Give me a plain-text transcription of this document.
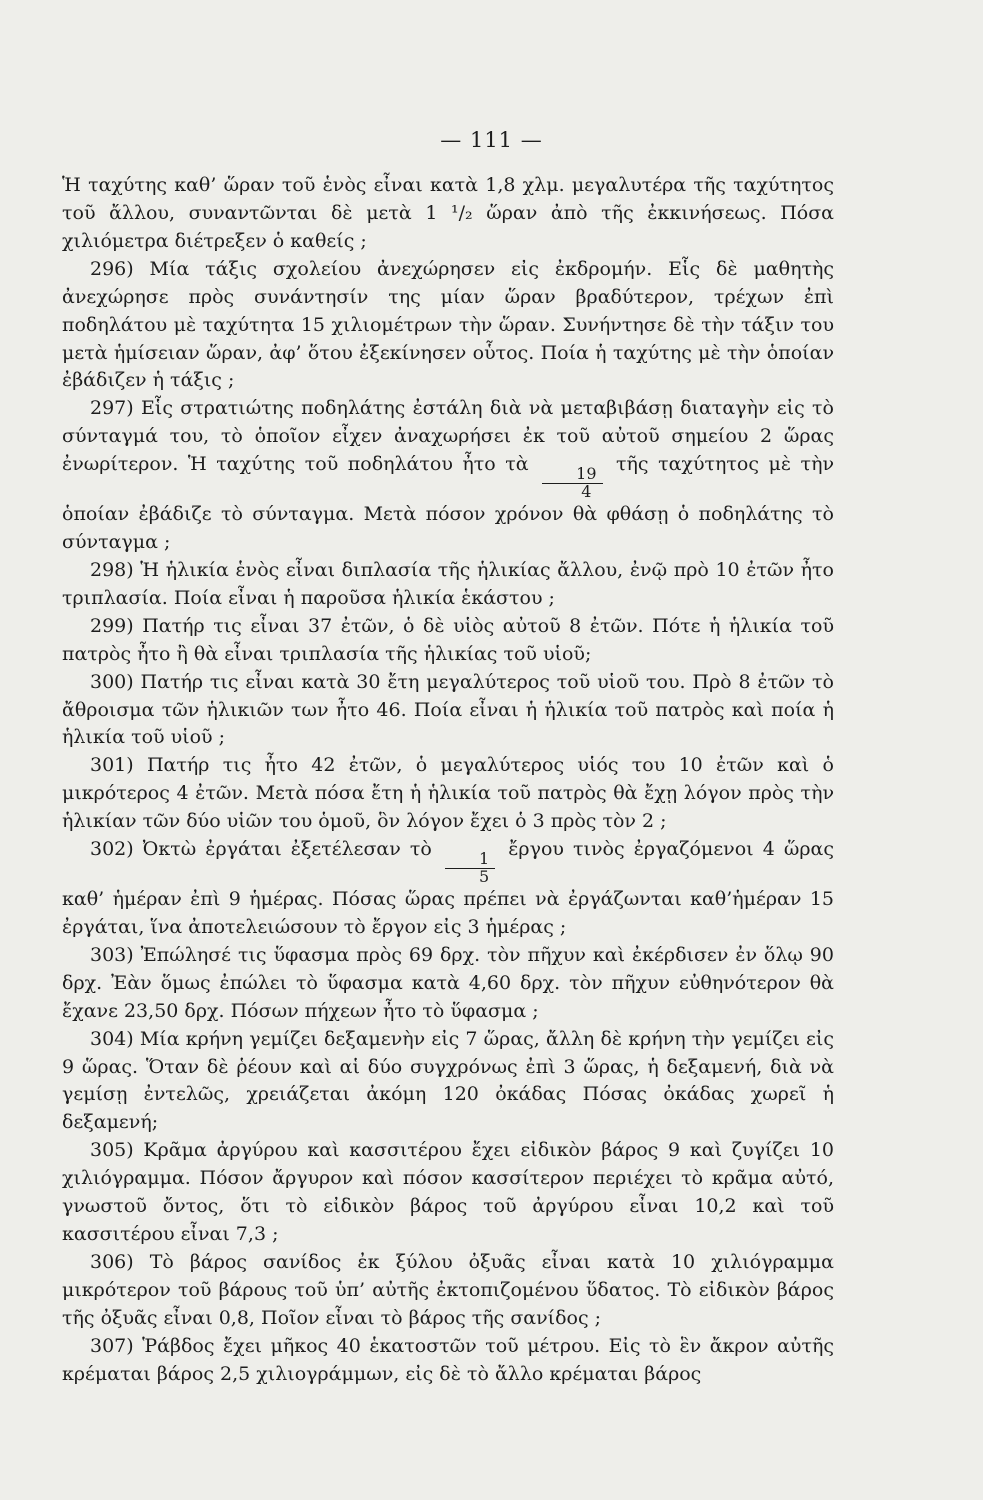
— 111 —

Ἡ ταχύτης καθ’ ὥραν τοῦ ἑνὸς εἶναι κατὰ 1,8 χλμ. μεγαλυτέρα τῆς ταχύτητος τοῦ ἄλλου, συναντῶνται δὲ μετὰ 1 ¹/₂ ὥραν ἀπὸ τῆς ἐκκινήσεως. Πόσα χιλιόμετρα διέτρεξεν ὁ καθείς ;

296) Μία τάξις σχολείου ἀνεχώρησεν εἰς ἐκδρομήν. Εἷς δὲ μαθητὴς ἀνεχώρησε πρὸς συνάντησίν της μίαν ὥραν βραδύτερον, τρέχων ἐπὶ ποδηλάτου μὲ ταχύτητα 15 χιλιομέτρων τὴν ὥραν. Συνήντησε δὲ τὴν τάξιν του μετὰ ἡμίσειαν ὥραν, ἀφ’ ὅτου ἐξεκίνησεν οὗτος. Ποία ἡ ταχύτης μὲ τὴν ὁποίαν ἐβάδιζεν ἡ τάξις ;

297) Εἷς στρατιώτης ποδηλάτης ἐστάλη διὰ νὰ μεταβιβάσῃ διαταγὴν εἰς τὸ σύνταγμά του, τὸ ὁποῖον εἶχεν ἀναχωρήσει ἐκ τοῦ αὐτοῦ σημείου 2 ὥρας ἐνωρίτερον. Ἡ ταχύτης τοῦ ποδηλάτου ἦτο τὰ
$\frac{19}{4}$
τῆς ταχύτητος μὲ τὴν ὁποίαν ἐβάδιζε τὸ σύνταγμα. Μετὰ πόσον χρόνον θὰ φθάσῃ ὁ ποδηλάτης τὸ σύνταγμα ;

298) Ἡ ἡλικία ἑνὸς εἶναι διπλασία τῆς ἡλικίας ἄλλου, ἐνῷ πρὸ 10 ἐτῶν ἦτο τριπλασία. Ποία εἶναι ἡ παροῦσα ἡλικία ἑκάστου ;

299) Πατήρ τις εἶναι 37 ἐτῶν, ὁ δὲ υἱὸς αὐτοῦ 8 ἐτῶν. Πότε ἡ ἡλικία τοῦ πατρὸς ἦτο ἢ θὰ εἶναι τριπλασία τῆς ἡλικίας τοῦ υἱοῦ;

300) Πατήρ τις εἶναι κατὰ 30 ἔτη μεγαλύτερος τοῦ υἱοῦ του. Πρὸ 8 ἐτῶν τὸ ἄθροισμα τῶν ἡλικιῶν των ἦτο 46. Ποία εἶναι ἡ ἡλικία τοῦ πατρὸς καὶ ποία ἡ ἡλικία τοῦ υἱοῦ ;

301) Πατήρ τις ἦτο 42 ἐτῶν, ὁ μεγαλύτερος υἱός του 10 ἐτῶν καὶ ὁ μικρότερος 4 ἐτῶν. Μετὰ πόσα ἔτη ἡ ἡλικία τοῦ πατρὸς θὰ ἔχῃ λόγον πρὸς τὴν ἡλικίαν τῶν δύο υἱῶν του ὁμοῦ, ὃν λόγον ἔχει ὁ 3 πρὸς τὸν 2 ;

302) Ὀκτὼ ἐργάται ἐξετέλεσαν τὸ
$\frac{1}{5}$
ἔργου τινὸς ἐργαζόμενοι 4 ὥρας καθ’ ἡμέραν ἐπὶ 9 ἡμέρας. Πόσας ὥρας πρέπει νὰ ἐργάζωνται καθ’ἡμέραν 15 ἐργάται, ἵνα ἀποτελειώσουν τὸ ἔργον εἰς 3 ἡμέρας ;

303) Ἐπώλησέ τις ὕφασμα πρὸς 69 δρχ. τὸν πῆχυν καὶ ἐκέρδισεν ἐν ὅλῳ 90 δρχ. Ἐὰν ὅμως ἐπώλει τὸ ὕφασμα κατὰ 4,60 δρχ. τὸν πῆχυν εὐθηνότερον θὰ ἔχανε 23,50 δρχ. Πόσων πήχεων ἦτο τὸ ὕφασμα ;

304) Μία κρήνη γεμίζει δεξαμενὴν εἰς 7 ὥρας, ἄλλη δὲ κρήνη τὴν γεμίζει εἰς 9 ὥρας. Ὅταν δὲ ῥέουν καὶ αἱ δύο συγχρόνως ἐπὶ 3 ὥρας, ἡ δεξαμενή, διὰ νὰ γεμίσῃ ἐντελῶς, χρειάζεται ἀκόμη 120 ὀκάδας Πόσας ὀκάδας χωρεῖ ἡ δεξαμενή;

305) Κρᾶμα ἀργύρου καὶ κασσιτέρου ἔχει εἰδικὸν βάρος 9 καὶ ζυγίζει 10 χιλιόγραμμα. Πόσον ἄργυρον καὶ πόσον κασσίτερον περιέχει τὸ κρᾶμα αὐτό, γνωστοῦ ὄντος, ὅτι τὸ εἰδικὸν βάρος τοῦ ἀργύρου εἶναι 10,2 καὶ τοῦ κασσιτέρου εἶναι 7,3 ;

306) Τὸ βάρος σανίδος ἐκ ξύλου ὀξυᾶς εἶναι κατὰ 10 χιλιόγραμμα μικρότερον τοῦ βάρους τοῦ ὑπ’ αὐτῆς ἐκτοπιζομένου ὕδατος. Τὸ εἰδικὸν βάρος τῆς ὀξυᾶς εἶναι 0,8, Ποῖον εἶναι τὸ βάρος τῆς σανίδος ;

307) Ῥάβδος ἔχει μῆκος 40 ἑκατοστῶν τοῦ μέτρου. Εἰς τὸ ἓν ἄκρον αὐτῆς κρέμαται βάρος 2,5 χιλιογράμμων, εἰς δὲ τὸ ἄλλο κρέμαται βάρος
